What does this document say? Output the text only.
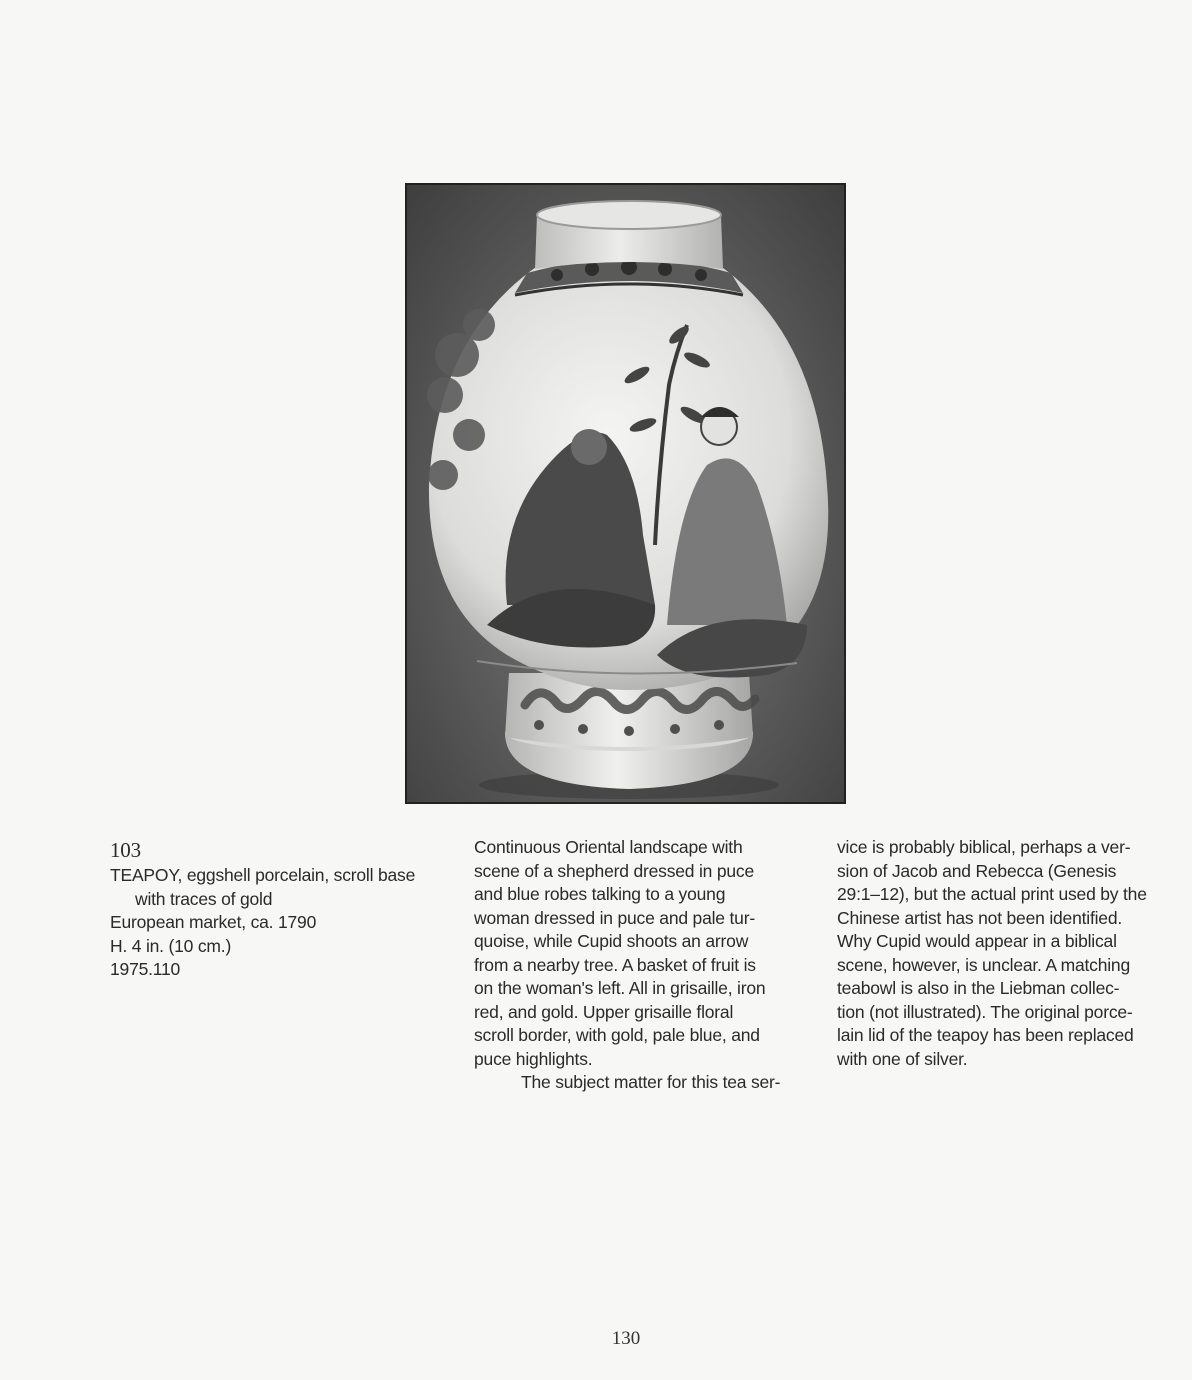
103
TEAPOY, eggshell porcelain, scroll base
with traces of gold
European market, ca. 1790
H. 4 in. (10 cm.)
1975.110
Continuous Oriental landscape with
scene of a shepherd dressed in puce
and blue robes talking to a young
woman dressed in puce and pale tur-
quoise, while Cupid shoots an arrow
from a nearby tree. A basket of fruit is
on the woman's left. All in grisaille, iron
red, and gold. Upper grisaille floral
scroll border, with gold, pale blue, and
puce highlights.
The subject matter for this tea ser-
vice is probably biblical, perhaps a ver-
sion of Jacob and Rebecca (Genesis
29:1–12), but the actual print used by the
Chinese artist has not been identified.
Why Cupid would appear in a biblical
scene, however, is unclear. A matching
teabowl is also in the Liebman collec-
tion (not illustrated). The original porce-
lain lid of the teapoy has been replaced
with one of silver.
130
